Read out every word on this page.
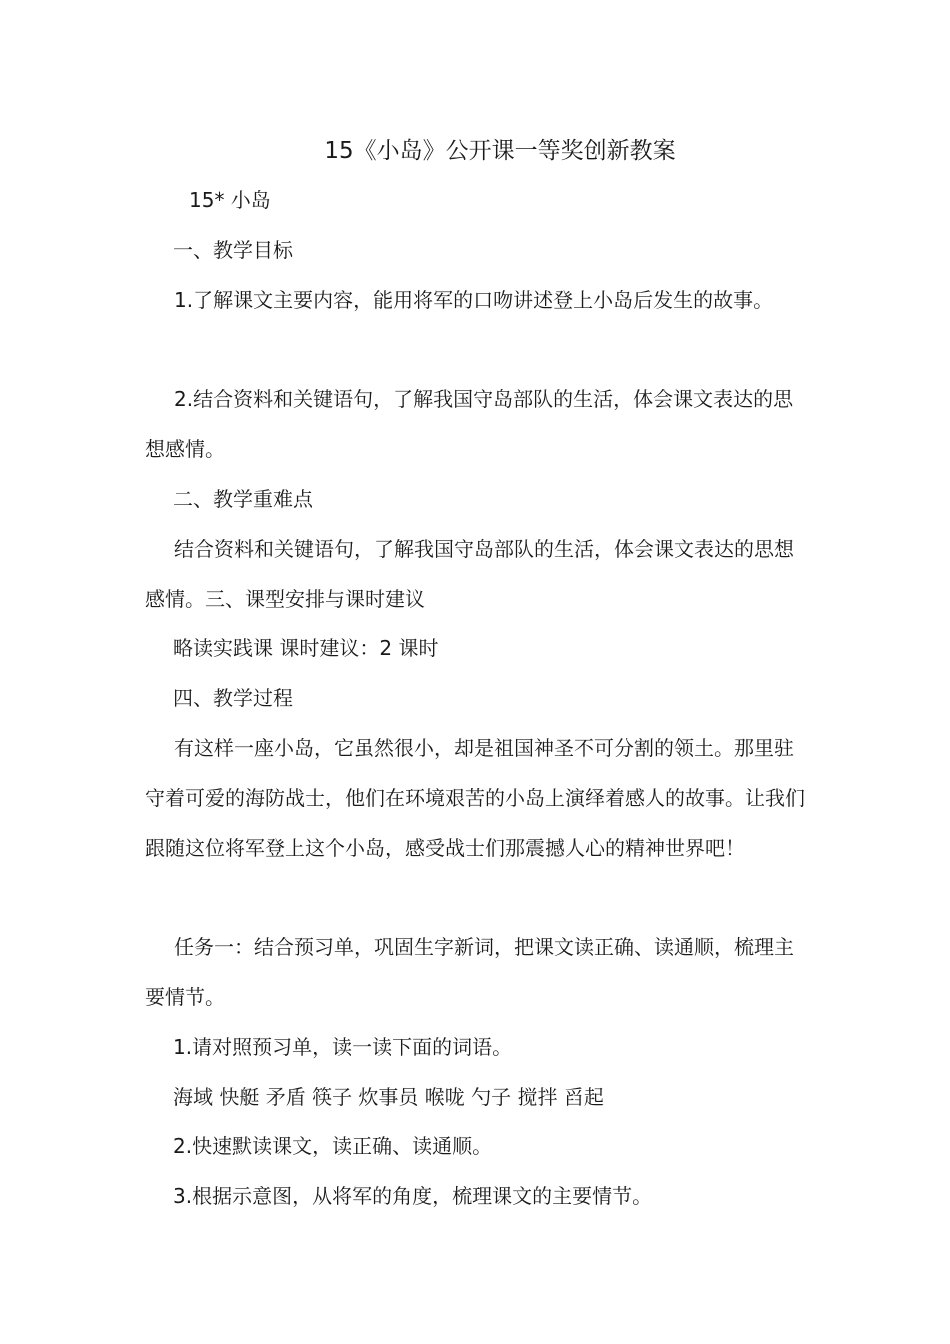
15《小岛》公开课一等奖创新教案
15* 小岛
一、教学目标
1.了解课文主要内容，能用将军的口吻讲述登上小岛后发生的故事。
2.结合资料和关键语句，了解我国守岛部队的生活，体会课文表达的思想感情。
二、教学重难点
结合资料和关键语句，了解我国守岛部队的生活，体会课文表达的思想感情。三、课型安排与课时建议
略读实践课 课时建议：2 课时
四、教学过程
有这样一座小岛，它虽然很小，却是祖国神圣不可分割的领土。那里驻守着可爱的海防战士，他们在环境艰苦的小岛上演绎着感人的故事。让我们跟随这位将军登上这个小岛，感受战士们那震撼人心的精神世界吧！
任务一：结合预习单，巩固生字新词，把课文读正确、读通顺，梳理主要情节。
1.请对照预习单，读一读下面的词语。
海域 快艇 矛盾 筷子 炊事员 喉咙 勺子 搅拌 舀起
2.快速默读课文，读正确、读通顺。
3.根据示意图，从将军的角度，梳理课文的主要情节。
